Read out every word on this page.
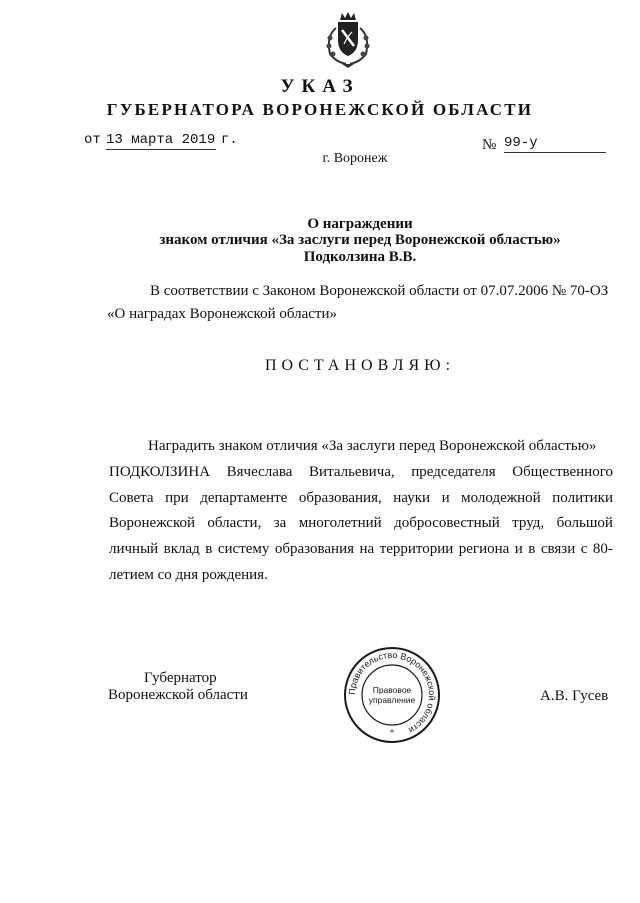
УКАЗ
ГУБЕРНАТОРА ВОРОНЕЖСКОЙ ОБЛАСТИ
от 13 марта 2019 г.	№ 99-у
г. Воронеж
О награждении
знаком отличия «За заслуги перед Воронежской областью»
Подколзина В.В.
В соответствии с Законом Воронежской области от 07.07.2006 № 70-ОЗ
«О наградах Воронежской области»
ПОСТАНОВЛЯЮ:
Наградить знаком отличия «За заслуги перед Воронежской областью»
ПОДКОЛЗИНА Вячеслава Витальевича, председателя Общественного
Совета при департаменте образования, науки и молодежной политики
Воронежской области, за многолетний добросовестный труд, большой
личный вклад в систему образования на территории региона и в связи с 80-
летием со дня рождения.
Губернатор
Воронежской области	А.В. Гусев
Правительство Воронежской области
Правовое
управление
*
